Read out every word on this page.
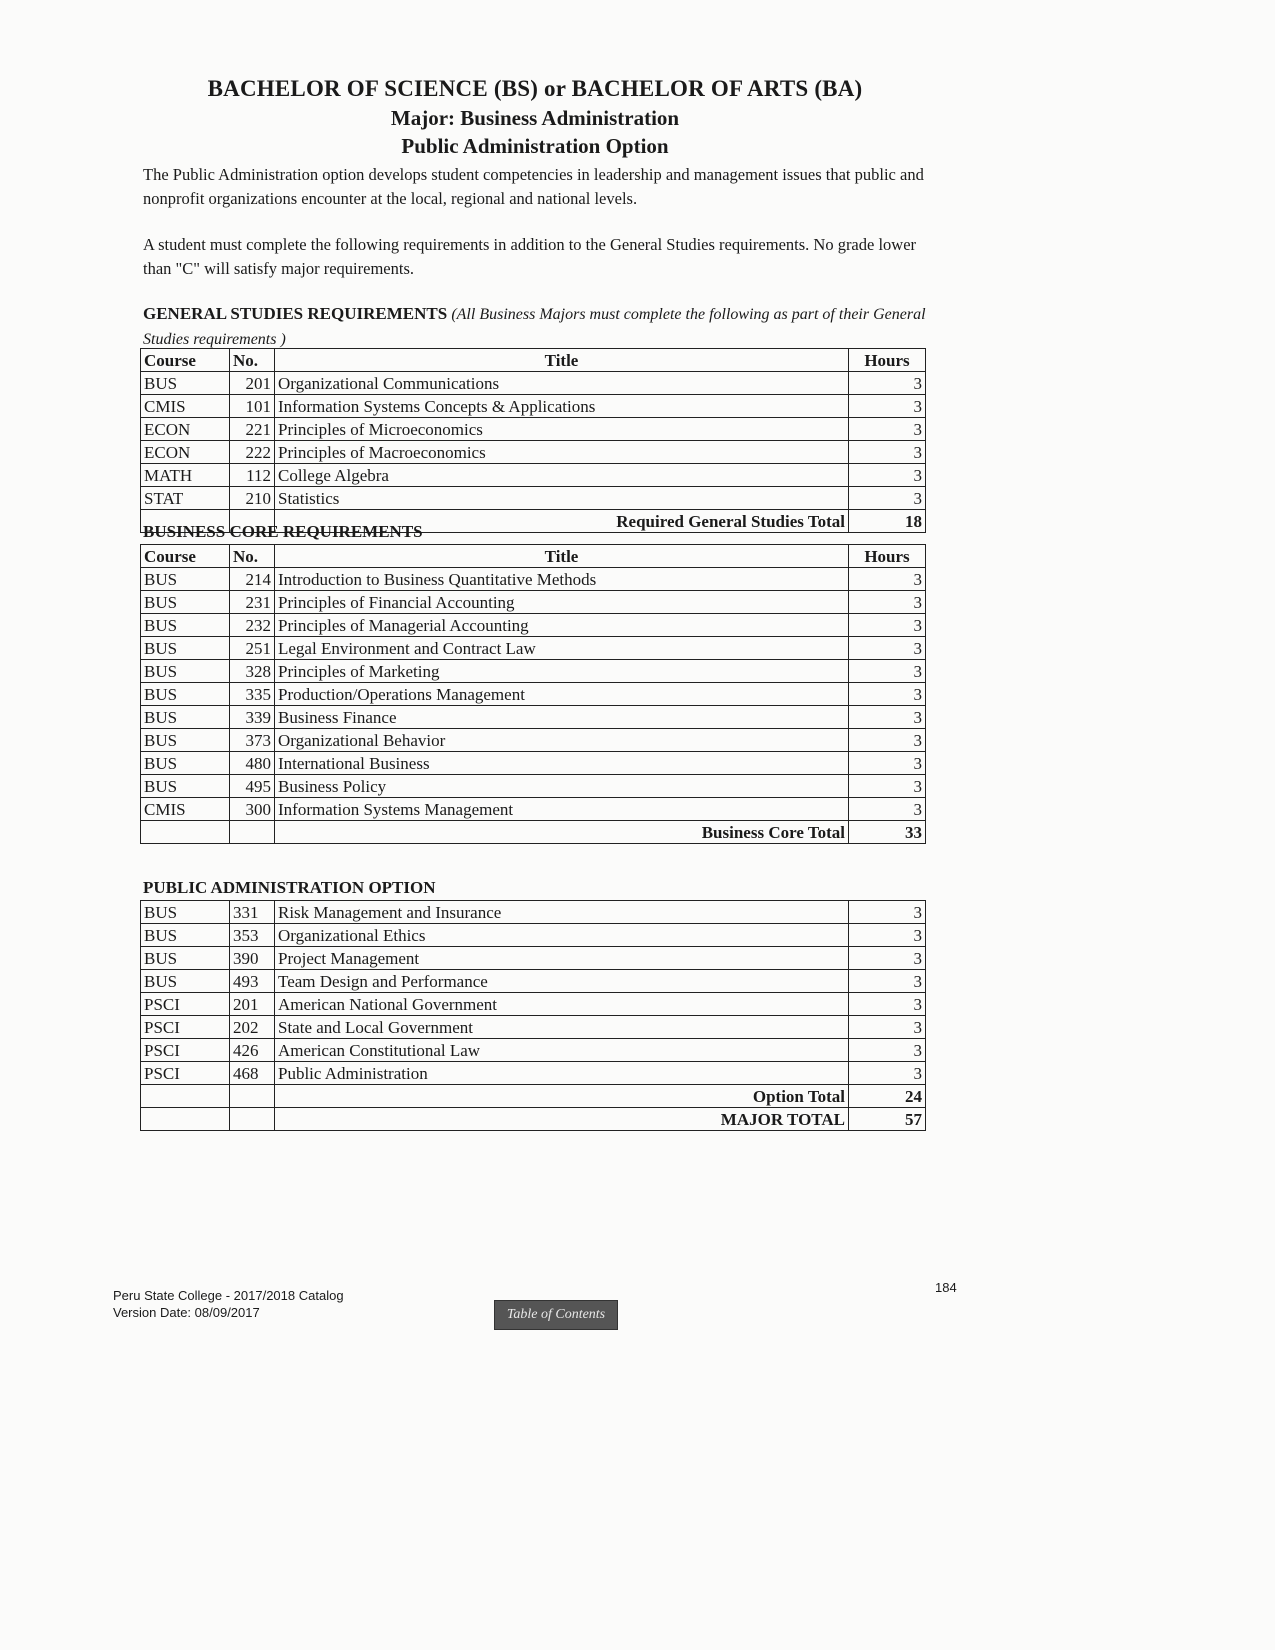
BACHELOR OF SCIENCE (BS) or BACHELOR OF ARTS (BA)
Major: Business Administration
Public Administration Option
The Public Administration option develops student competencies in leadership and management issues that public and nonprofit organizations encounter at the local, regional and national levels.
A student must complete the following requirements in addition to the General Studies requirements. No grade lower than "C" will satisfy major requirements.
GENERAL STUDIES REQUIREMENTS (All Business Majors must complete the following as part of their General Studies requirements )
Course	No.	Title	Hours
BUS	201	Organizational Communications	3
CMIS	101	Information Systems Concepts & Applications	3
ECON	221	Principles of Microeconomics	3
ECON	222	Principles of Macroeconomics	3
MATH	112	College Algebra	3
STAT	210	Statistics	3
		Required General Studies Total	18
BUSINESS CORE REQUIREMENTS
Course	No.	Title	Hours
BUS	214	Introduction to Business Quantitative Methods	3
BUS	231	Principles of Financial Accounting	3
BUS	232	Principles of Managerial Accounting	3
BUS	251	Legal Environment and Contract Law	3
BUS	328	Principles of Marketing	3
BUS	335	Production/Operations Management	3
BUS	339	Business Finance	3
BUS	373	Organizational Behavior	3
BUS	480	International Business	3
BUS	495	Business Policy	3
CMIS	300	Information Systems Management	3
		Business Core Total	33
PUBLIC ADMINISTRATION OPTION
BUS	331	Risk Management and Insurance	3
BUS	353	Organizational Ethics	3
BUS	390	Project Management	3
BUS	493	Team Design and Performance	3
PSCI	201	American National Government	3
PSCI	202	State and Local Government	3
PSCI	426	American Constitutional Law	3
PSCI	468	Public Administration	3
		Option Total	24
		MAJOR TOTAL	57
Peru State College - 2017/2018 Catalog
Version Date: 08/09/2017
184
Table of Contents
